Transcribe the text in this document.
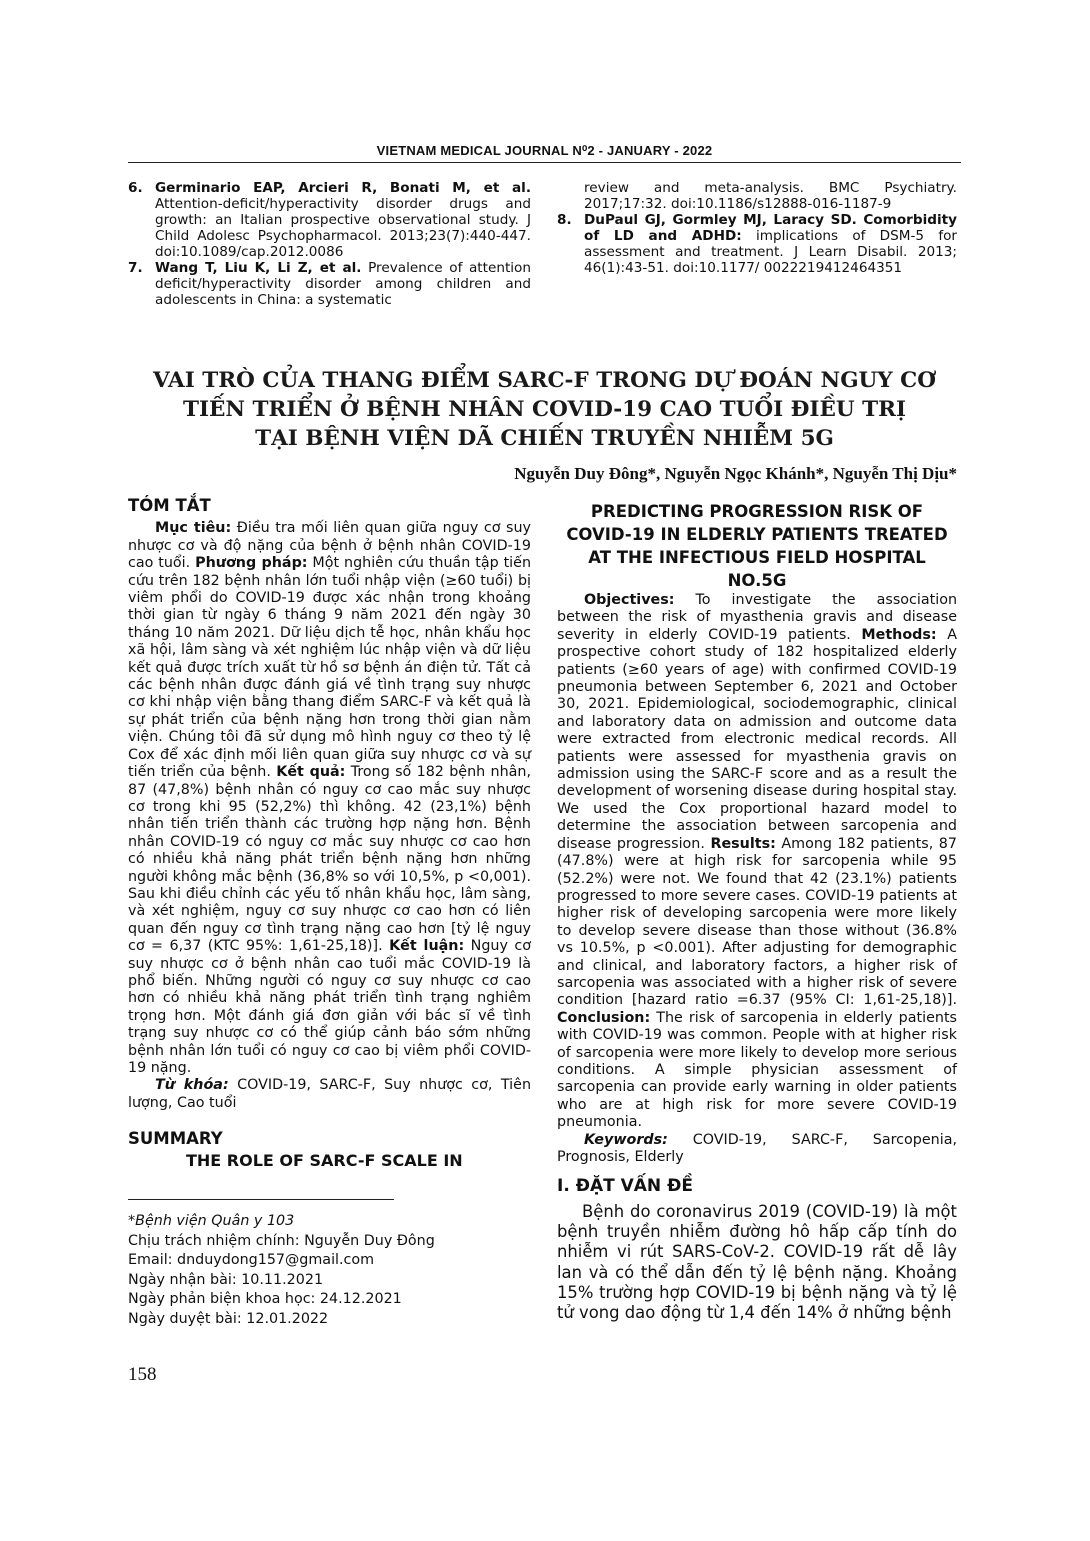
VIETNAM MEDICAL JOURNAL N⁰2 - JANUARY - 2022

6. Germinario EAP, Arcieri R, Bonati M, et al. Attention-deficit/hyperactivity disorder drugs and growth: an Italian prospective observational study. J Child Adolesc Psychopharmacol. 2013;23(7):440-447. doi:10.1089/cap.2012.0086

7. Wang T, Liu K, Li Z, et al. Prevalence of attention deficit/hyperactivity disorder among children and adolescents in China: a systematic

review and meta-analysis. BMC Psychiatry. 2017;17:32. doi:10.1186/s12888-016-1187-9

8. DuPaul GJ, Gormley MJ, Laracy SD. Comorbidity of LD and ADHD: implications of DSM-5 for assessment and treatment. J Learn Disabil. 2013; 46(1):43-51. doi:10.1177/ 0022219412464351

VAI TRÒ CỦA THANG ĐIỂM SARC-F TRONG DỰ ĐOÁN NGUY CƠ
TIẾN TRIỂN Ở BỆNH NHÂN COVID-19 CAO TUỔI ĐIỀU TRỊ
TẠI BỆNH VIỆN DÃ CHIẾN TRUYỀN NHIỄM 5G
Nguyễn Duy Đông*, Nguyễn Ngọc Khánh*, Nguyễn Thị Dịu*
TÓM TẮT

Mục tiêu: Điều tra mối liên quan giữa nguy cơ suy nhược cơ và độ nặng của bệnh ở bệnh nhân COVID-19 cao tuổi. Phương pháp: Một nghiên cứu thuần tập tiến cứu trên 182 bệnh nhân lớn tuổi nhập viện (≥60 tuổi) bị viêm phổi do COVID-19 được xác nhận trong khoảng thời gian từ ngày 6 tháng 9 năm 2021 đến ngày 30 tháng 10 năm 2021. Dữ liệu dịch tễ học, nhân khẩu học xã hội, lâm sàng và xét nghiệm lúc nhập viện và dữ liệu kết quả được trích xuất từ hồ sơ bệnh án điện tử. Tất cả các bệnh nhân được đánh giá về tình trạng suy nhược cơ khi nhập viện bằng thang điểm SARC-F và kết quả là sự phát triển của bệnh nặng hơn trong thời gian nằm viện. Chúng tôi đã sử dụng mô hình nguy cơ theo tỷ lệ Cox để xác định mối liên quan giữa suy nhược cơ và sự tiến triển của bệnh. Kết quả: Trong số 182 bệnh nhân, 87 (47,8%) bệnh nhân có nguy cơ cao mắc suy nhược cơ trong khi 95 (52,2%) thì không. 42 (23,1%) bệnh nhân tiến triển thành các trường hợp nặng hơn. Bệnh nhân COVID-19 có nguy cơ mắc suy nhược cơ cao hơn có nhiều khả năng phát triển bệnh nặng hơn những người không mắc bệnh (36,8% so với 10,5%, p <0,001). Sau khi điều chỉnh các yếu tố nhân khẩu học, lâm sàng, và xét nghiệm, nguy cơ suy nhược cơ cao hơn có liên quan đến nguy cơ tình trạng nặng cao hơn [tỷ lệ nguy cơ = 6,37 (KTC 95%: 1,61-25,18)]. Kết luận: Nguy cơ suy nhược cơ ở bệnh nhân cao tuổi mắc COVID-19 là phổ biến. Những người có nguy cơ suy nhược cơ cao hơn có nhiều khả năng phát triển tình trạng nghiêm trọng hơn. Một đánh giá đơn giản với bác sĩ về tình trạng suy nhược cơ có thể giúp cảnh báo sớm những bệnh nhân lớn tuổi có nguy cơ cao bị viêm phổi COVID-19 nặng.

Từ khóa: COVID-19, SARC-F, Suy nhược cơ, Tiên lượng, Cao tuổi

SUMMARY
THE ROLE OF SARC-F SCALE IN
*Bệnh viện Quân y 103
Chịu trách nhiệm chính: Nguyễn Duy Đông
Email: dnduydong157@gmail.com
Ngày nhận bài: 10.11.2021
Ngày phản biện khoa học: 24.12.2021
Ngày duyệt bài: 12.01.2022
158
PREDICTING PROGRESSION RISK OF
COVID-19 IN ELDERLY PATIENTS TREATED
AT THE INFECTIOUS FIELD HOSPITAL NO.5G

Objectives: To investigate the association between the risk of myasthenia gravis and disease severity in elderly COVID-19 patients. Methods: A prospective cohort study of 182 hospitalized elderly patients (≥60 years of age) with confirmed COVID-19 pneumonia between September 6, 2021 and October 30, 2021. Epidemiological, sociodemographic, clinical and laboratory data on admission and outcome data were extracted from electronic medical records. All patients were assessed for myasthenia gravis on admission using the SARC-F score and as a result the development of worsening disease during hospital stay. We used the Cox proportional hazard model to determine the association between sarcopenia and disease progression. Results: Among 182 patients, 87 (47.8%) were at high risk for sarcopenia while 95 (52.2%) were not. We found that 42 (23.1%) patients progressed to more severe cases. COVID-19 patients at higher risk of developing sarcopenia were more likely to develop severe disease than those without (36.8% vs 10.5%, p <0.001). After adjusting for demographic and clinical, and laboratory factors, a higher risk of sarcopenia was associated with a higher risk of severe condition [hazard ratio =6.37 (95% CI: 1,61-25,18)]. Conclusion: The risk of sarcopenia in elderly patients with COVID-19 was common. People with at higher risk of sarcopenia were more likely to develop more serious conditions. A simple physician assessment of sarcopenia can provide early warning in older patients who are at high risk for more severe COVID-19 pneumonia.

Keywords: COVID-19, SARC-F, Sarcopenia, Prognosis, Elderly

I. ĐẶT VẤN ĐỀ

Bệnh do coronavirus 2019 (COVID-19) là một bệnh truyền nhiễm đường hô hấp cấp tính do nhiễm vi rút SARS-CoV-2. COVID-19 rất dễ lây lan và có thể dẫn đến tỷ lệ bệnh nặng. Khoảng 15% trường hợp COVID-19 bị bệnh nặng và tỷ lệ tử vong dao động từ 1,4 đến 14% ở những bệnh
